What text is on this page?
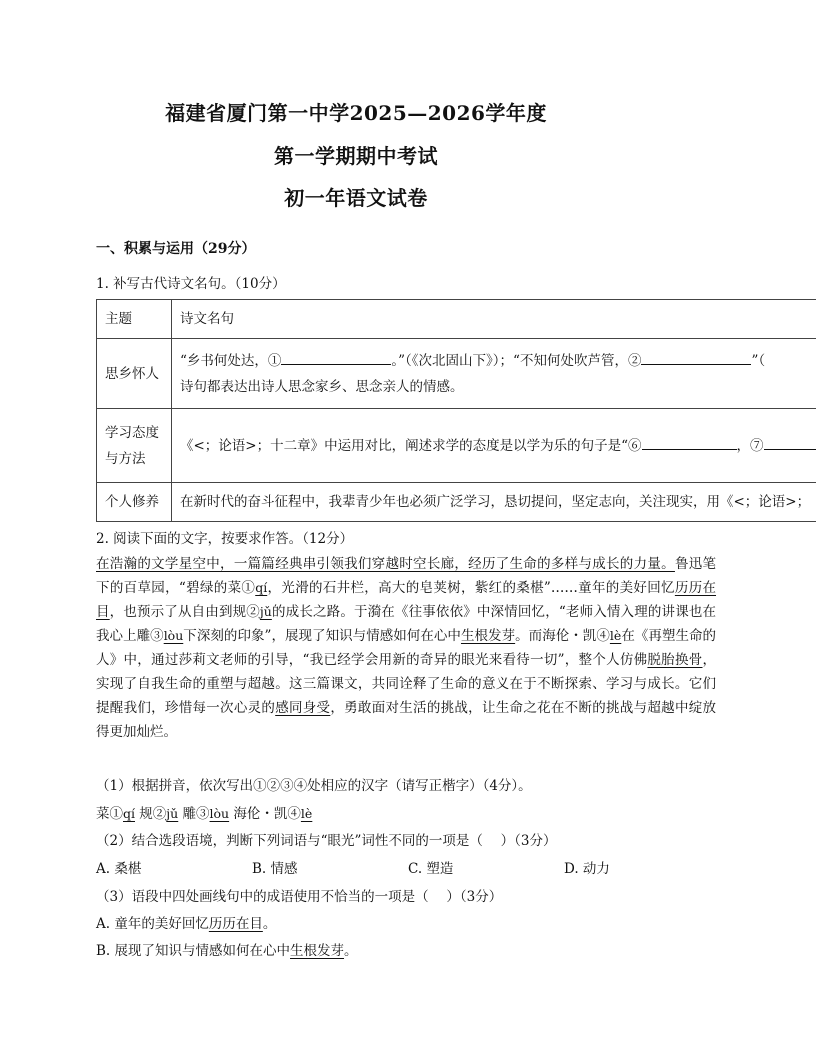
福建省厦门第一中学2025—2026学年度
第一学期期中考试
初一年语文试卷
一、积累与运用（29分）
1. 补写古代诗文名句。（10分）
主题	诗文名句
思乡怀人	“乡书何处达，① 。”（《次北固山下》）；“不知何处吹芦管，② ”（
诗句都表达出诗人思念家乡、思念亲人的情感。
学习态度
与方法	《<；论语>；十二章》中运用对比，阐述求学的态度是以学为乐的句子是“⑥ ，⑦
个人修养	在新时代的奋斗征程中，我辈青少年也必须广泛学习，恳切提问，坚定志向，关注现实，用《<；论语>；
2. 阅读下面的文字，按要求作答。（12分）
在浩瀚的文学星空中，一篇篇经典串引领我们穿越时空长廊，经历了生命的多样与成长的力量。鲁迅笔下的百草园，“碧绿的菜①qí，光滑的石井栏，高大的皂荚树，紫红的桑椹”……童年的美好回忆历历在目，也预示了从自由到规②jǔ的成长之路。于漪在《往事依依》中深情回忆，“老师入情入理的讲课也在我心上雕③lòu下深刻的印象”，展现了知识与情感如何在心中生根发芽。而海伦・凯④lè在《再塑生命的人》中，通过莎莉文老师的引导，“我已经学会用新的奇异的眼光来看待一切”，整个人仿佛脱胎换骨，实现了自我生命的重塑与超越。这三篇课文，共同诠释了生命的意义在于不断探索、学习与成长。它们提醒我们，珍惜每一次心灵的感同身受，勇敢面对生活的挑战，让生命之花在不断的挑战与超越中绽放得更加灿烂。
（1）根据拼音，依次写出①②③④处相应的汉字（请写正楷字）（4分）。
菜①qí 规②jǔ 雕③lòu 海伦・凯④lè
（2）结合选段语境，判断下列词语与“眼光”词性不同的一项是（　 ）（3分）
A. 桑椹	B. 情感	C. 塑造	D. 动力
（3）语段中四处画线句中的成语使用不恰当的一项是（　 ）（3分）
A. 童年的美好回忆历历在目。
B. 展现了知识与情感如何在心中生根发芽。
